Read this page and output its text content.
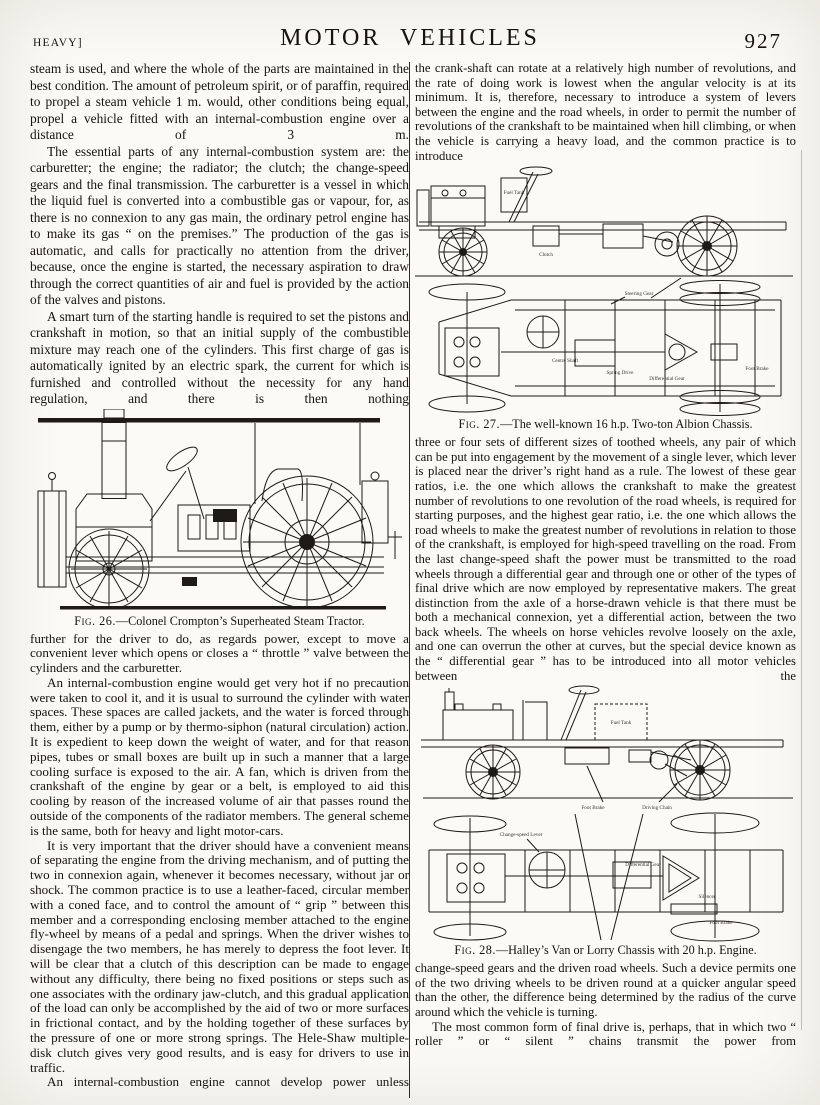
HEAVY]	MOTOR VEHICLES	927

steam is used, and where the whole of the parts are maintained in the best condition. The amount of petroleum spirit, or of paraffin, required to propel a steam vehicle 1 m. would, other conditions being equal, propel a vehicle fitted with an internal-combustion engine over a distance of 3 m.

The essential parts of any internal-combustion system are: the carburetter; the engine; the radiator; the clutch; the change-speed gears and the final transmission. The carburetter is a vessel in which the liquid fuel is converted into a combustible gas or vapour, for, as there is no connexion to any gas main, the ordinary petrol engine has to make its gas “ on the premises.” The production of the gas is automatic, and calls for practically no attention from the driver, because, once the engine is started, the necessary aspiration to draw through the correct quantities of air and fuel is provided by the action of the valves and pistons.

A smart turn of the starting handle is required to set the pistons and crankshaft in motion, so that an initial supply of the combustible mixture may reach one of the cylinders. This first charge of gas is automatically ignited by an electric spark, the current for which is furnished and controlled without the necessity for any hand regulation, and there is then nothing

Fig. 26.—Colonel Crompton’s Superheated Steam Tractor.

further for the driver to do, as regards power, except to move a convenient lever which opens or closes a “ throttle ” valve between the cylinders and the carburetter.

An internal-combustion engine would get very hot if no precaution were taken to cool it, and it is usual to surround the cylinder with water spaces. These spaces are called jackets, and the water is forced through them, either by a pump or by thermo-siphon (natural circulation) action. It is expedient to keep down the weight of water, and for that reason pipes, tubes or small boxes are built up in such a manner that a large cooling surface is exposed to the air. A fan, which is driven from the crankshaft of the engine by gear or a belt, is employed to aid this cooling by reason of the increased volume of air that passes round the outside of the components of the radiator members. The general scheme is the same, both for heavy and light motor-cars.

It is very important that the driver should have a convenient means of separating the engine from the driving mechanism, and of putting the two in connexion again, whenever it becomes necessary, without jar or shock. The common practice is to use a leather-faced, circular member with a coned face, and to control the amount of “ grip ” between this member and a corresponding enclosing member attached to the engine fly-wheel by means of a pedal and springs. When the driver wishes to disengage the two members, he has merely to depress the foot lever. It will be clear that a clutch of this description can be made to engage without any difficulty, there being no fixed positions or steps such as one associates with the ordinary jaw-clutch, and this gradual application of the load can only be accomplished by the aid of two or more surfaces in frictional contact, and by the holding together of these surfaces by the pressure of one or more strong springs. The Hele-Shaw multiple-disk clutch gives very good results, and is easy for drivers to use in traffic.

An internal-combustion engine cannot develop power unless

the crank-shaft can rotate at a relatively high number of revolutions, and the rate of doing work is lowest when the angular velocity is at its minimum. It is, therefore, necessary to introduce a system of levers between the engine and the road wheels, in order to permit the number of revolutions of the crankshaft to be maintained when hill climbing, or when the vehicle is carrying a heavy load, and the common practice is to introduce

Fuel Tank
Clutch
Steering Gear
Centre Shaft
Spring Drive
Differential Gear
Foot Brake
Fig. 27.—The well-known 16 h.p. Two-ton Albion Chassis.

three or four sets of different sizes of toothed wheels, any pair of which can be put into engagement by the movement of a single lever, which lever is placed near the driver’s right hand as a rule. The lowest of these gear ratios, i.e. the one which allows the crankshaft to make the greatest number of revolutions to one revolution of the road wheels, is required for starting purposes, and the highest gear ratio, i.e. the one which allows the road wheels to make the greatest number of revolutions in relation to those of the crankshaft, is employed for high-speed travelling on the road. From the last change-speed shaft the power must be transmitted to the road wheels through a differential gear and through one or other of the types of final drive which are now employed by representative makers. The great distinction from the axle of a horse-drawn vehicle is that there must be both a mechanical connexion, yet a differential action, between the two back wheels. The wheels on horse vehicles revolve loosely on the axle, and one can overrun the other at curves, but the special device known as the “ differential gear ” has to be introduced into all motor vehicles between the

Fuel Tank
Foot Brake	Driving Chain
Change-speed Lever
Differential Gear
Silencer
Foot Brake
Fig. 28.—Halley’s Van or Lorry Chassis with 20 h.p. Engine.

change-speed gears and the driven road wheels. Such a device permits one of the two driving wheels to be driven round at a quicker angular speed than the other, the difference being determined by the radius of the curve around which the vehicle is turning.

The most common form of final drive is, perhaps, that in which two “ roller ” or “ silent ” chains transmit the power from
